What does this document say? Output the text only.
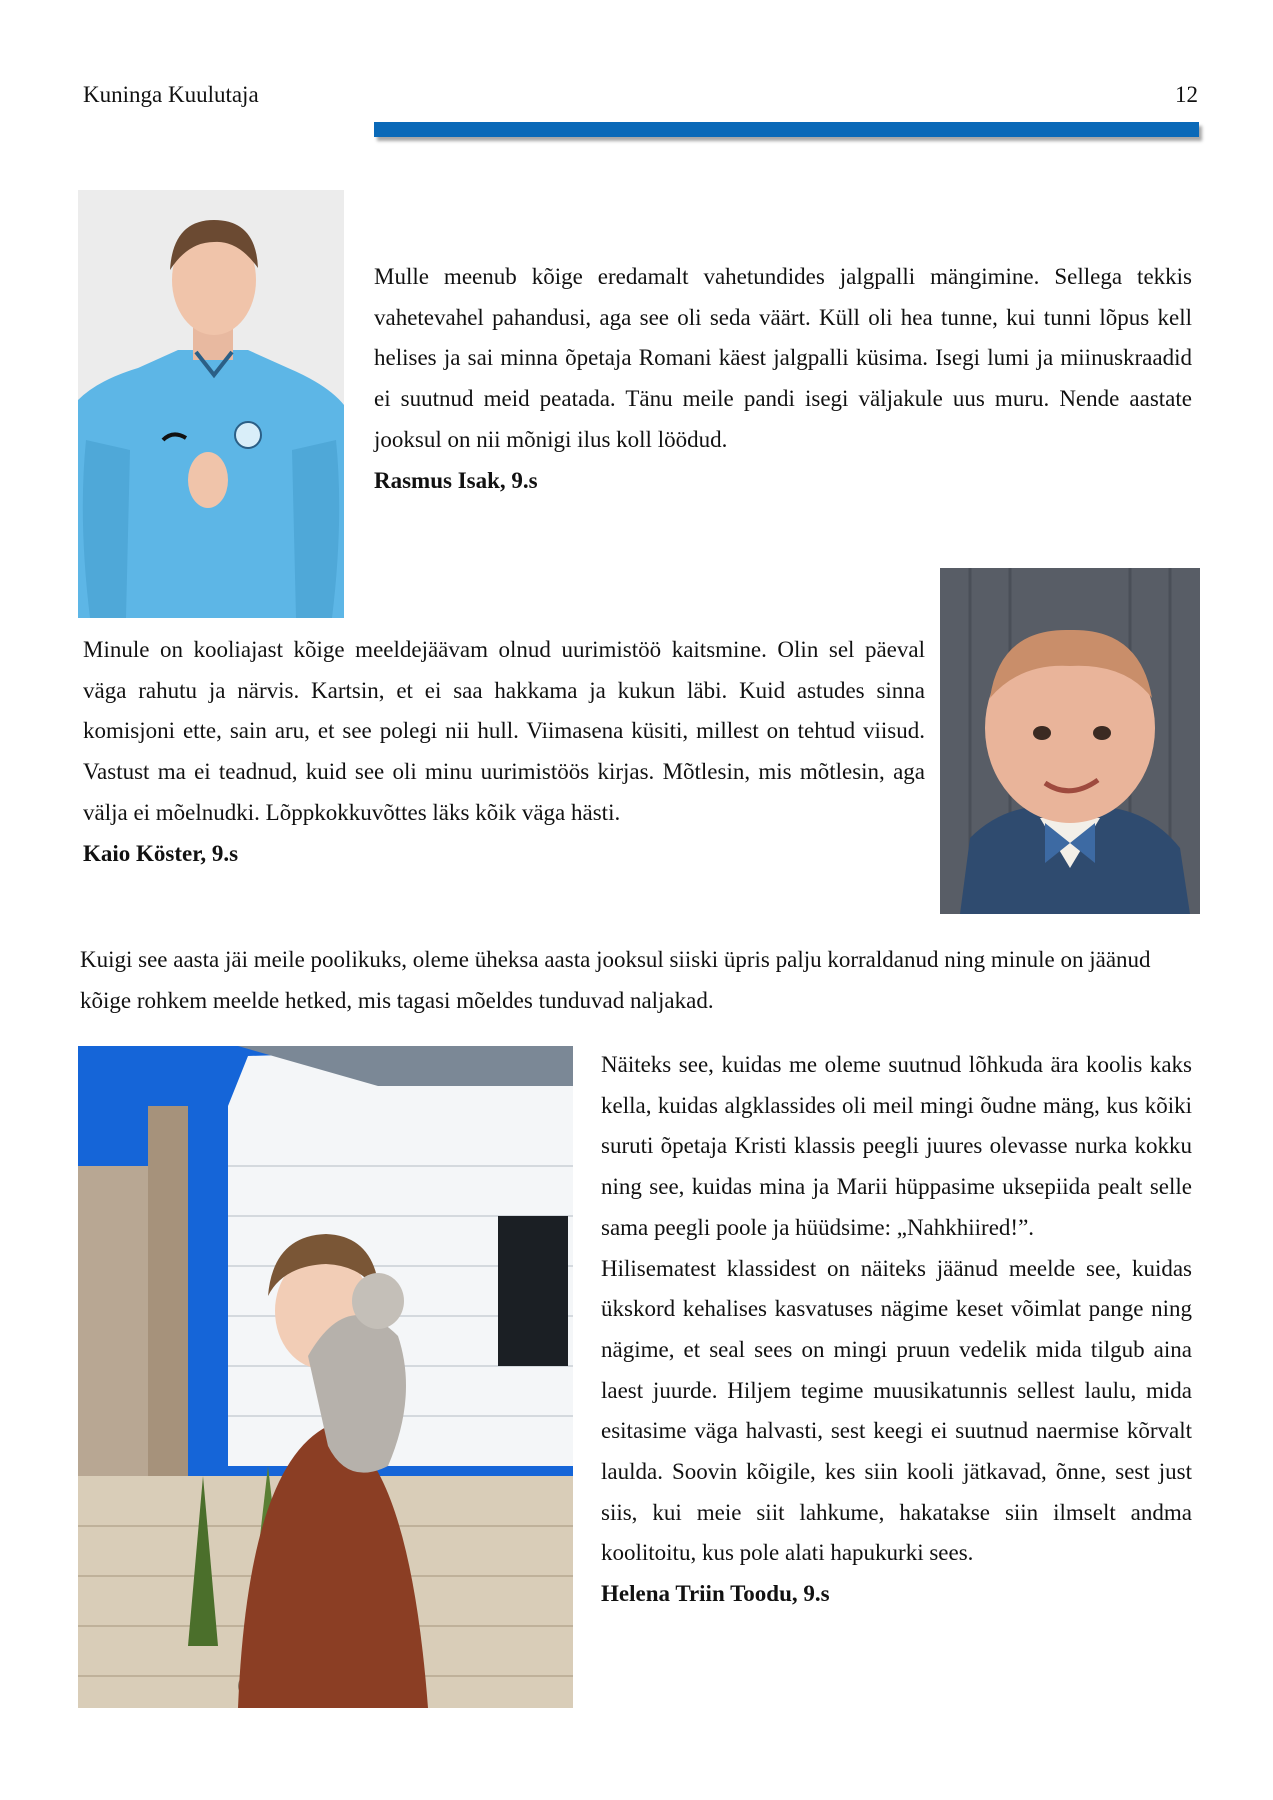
Kuninga Kuulutaja	12

Mulle meenub kõige eredamalt vahetundides jalgpalli mängimine. Sellega tekkis vahetevahel pahandusi, aga see oli seda väärt. Küll oli hea tunne, kui tunni lõpus kell helises ja sai minna õpetaja Romani käest jalgpalli küsima. Isegi lumi ja miinuskraadid ei suutnud meid peatada. Tänu meile pandi isegi väljakule uus muru. Nende aastate jooksul on nii mõnigi ilus koll löödud.

Rasmus Isak, 9.s

Minule on kooliajast kõige meeldejäävam olnud uurimistöö kaitsmine. Olin sel päeval väga rahutu ja närvis. Kartsin, et ei saa hakkama ja kukun läbi. Kuid astudes sinna komisjoni ette, sain aru, et see polegi nii hull. Viimasena küsiti, millest on tehtud viisud. Vastust ma ei teadnud, kuid see oli minu uurimistöös kirjas. Mõtlesin, mis mõtlesin, aga välja ei mõelnudki. Lõppkokkuvõttes läks kõik väga hästi.

Kaio Köster, 9.s

Kuigi see aasta jäi meile poolikuks, oleme üheksa aasta jooksul siiski üpris palju korraldanud ning minule on jäänud kõige rohkem meelde hetked, mis tagasi mõeldes tunduvad naljakad.

Näiteks see, kuidas me oleme suutnud lõhkuda ära koolis kaks kella, kuidas algklassides oli meil mingi õudne mäng, kus kõiki suruti õpetaja Kristi klassis peegli juures olevasse nurka kokku ning see, kuidas mina ja Marii hüppasime uksepiida pealt selle sama peegli poole ja hüüdsime: „Nahkhiired!”.

Hilisematest klassidest on näiteks jäänud meelde see, kuidas ükskord kehalises kasvatuses nägime keset võimlat pange ning nägime, et seal sees on mingi pruun vedelik mida tilgub aina laest juurde. Hiljem tegime muusikatunnis sellest laulu, mida esitasime väga halvasti, sest keegi ei suutnud naermise kõrvalt laulda. Soovin kõigile, kes siin kooli jätkavad, õnne, sest just siis, kui meie siit lahkume, hakatakse siin ilmselt andma koolitoitu, kus pole alati hapukurki sees.

Helena Triin Toodu, 9.s
